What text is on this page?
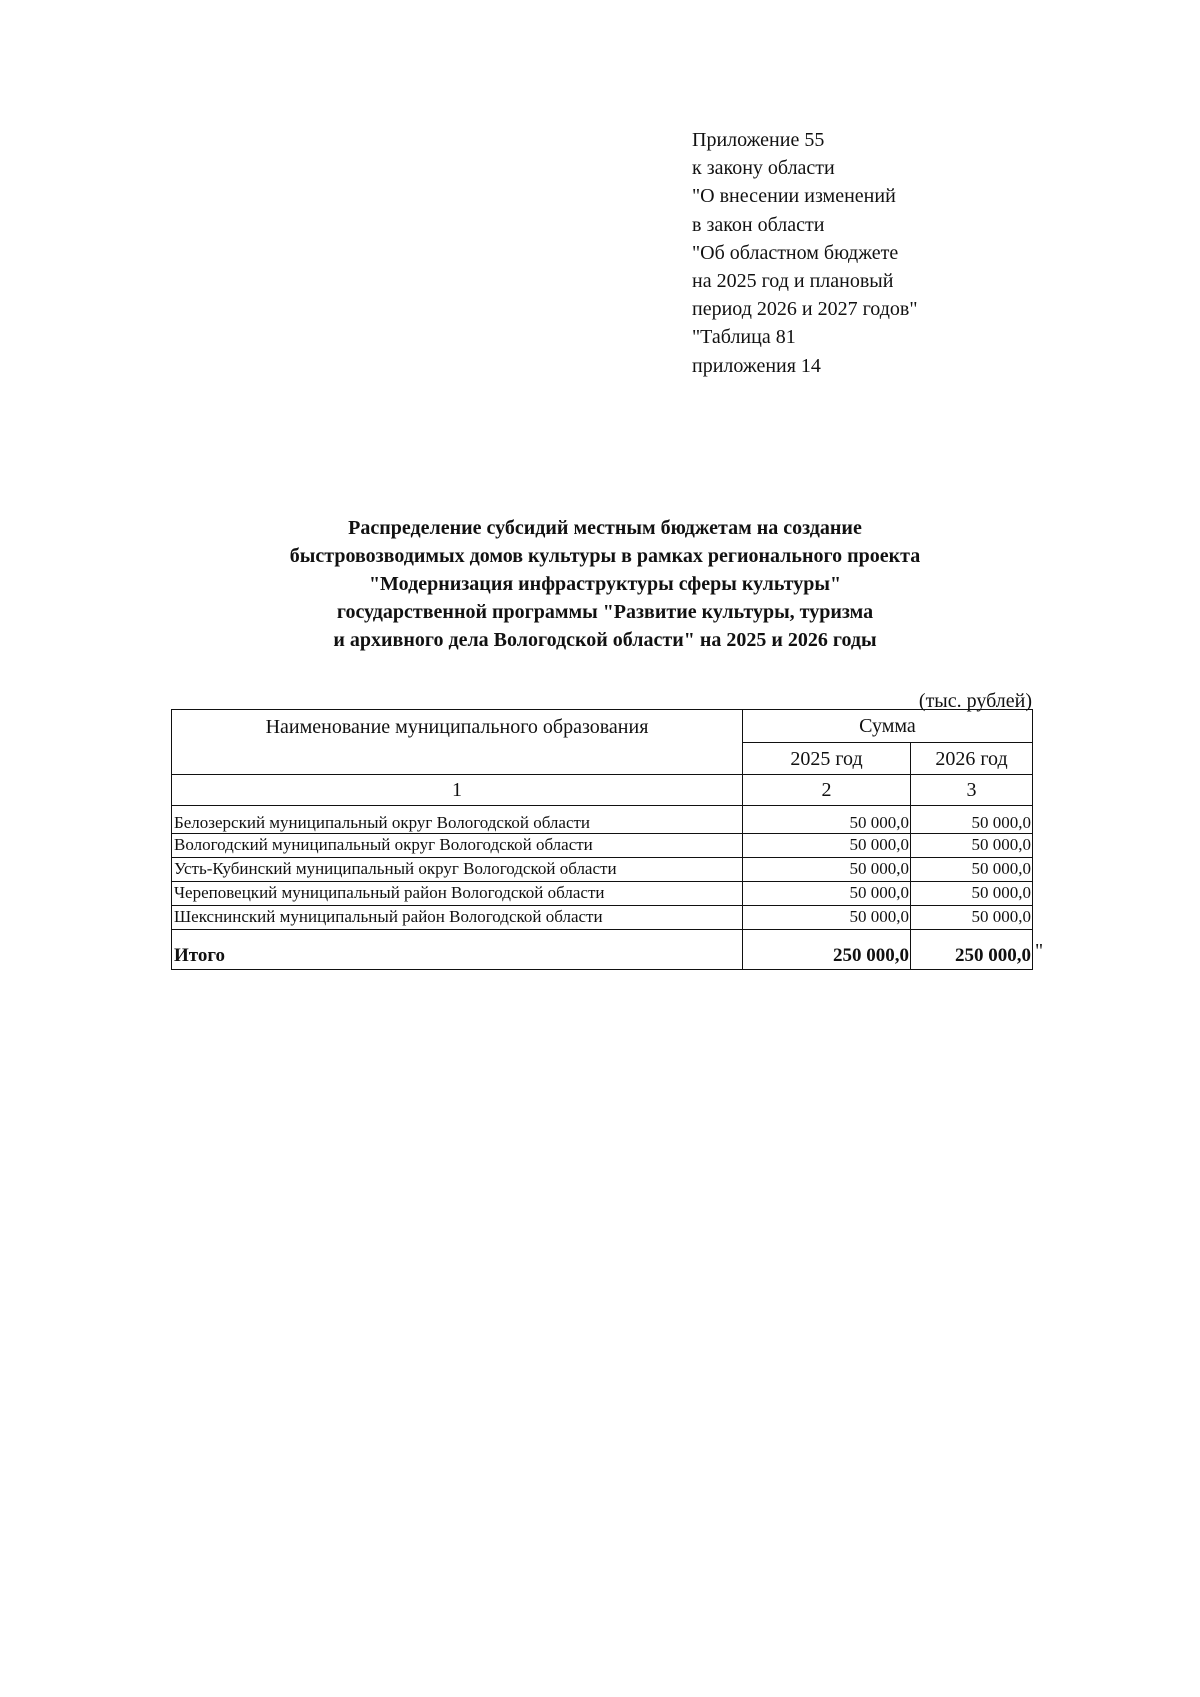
Приложение 55
к закону области
"О внесении изменений
в закон области
"Об областном бюджете
на 2025 год и плановый
период 2026 и 2027 годов"
"Таблица 81
приложения 14
Распределение субсидий местным бюджетам на создание
быстровозводимых домов культуры в рамках регионального проекта
"Модернизация инфраструктуры сферы культуры"
государственной программы "Развитие культуры, туризма
и архивного дела Вологодской области" на 2025 и 2026 годы
(тыс. рублей)
Наименование муниципального образования	Сумма	
	2025 год	2026 год
1	2	3
Белозерский муниципальный округ Вологодской области	50 000,0	50 000,0
Вологодский муниципальный округ Вологодской области	50 000,0	50 000,0
Усть-Кубинский муниципальный округ Вологодской области	50 000,0	50 000,0
Череповецкий муниципальный район Вологодской области	50 000,0	50 000,0
Шекснинский муниципальный район Вологодской области	50 000,0	50 000,0
Итого	250 000,0	250 000,0 "
